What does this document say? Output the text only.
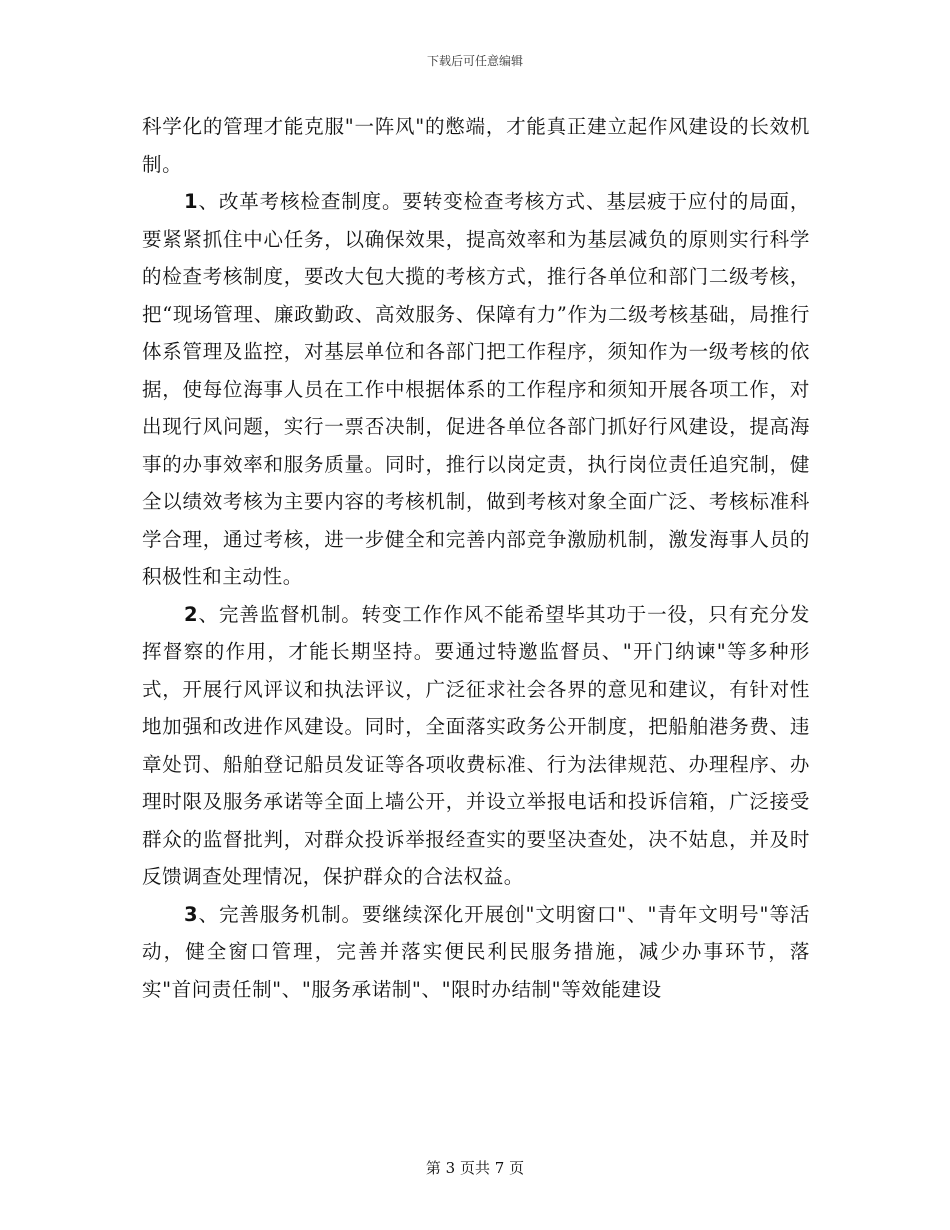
下载后可任意编辑

科学化的管理才能克服"一阵风"的憋端，才能真正建立起作风建设的长效机制。

1、改革考核检查制度。要转变检查考核方式、基层疲于应付的局面，要紧紧抓住中心任务，以确保效果，提高效率和为基层减负的原则实行科学的检查考核制度，要改大包大揽的考核方式，推行各单位和部门二级考核，把“现场管理、廉政勤政、高效服务、保障有力”作为二级考核基础，局推行体系管理及监控，对基层单位和各部门把工作程序，须知作为一级考核的依据，使每位海事人员在工作中根据体系的工作程序和须知开展各项工作，对出现行风问题，实行一票否决制，促进各单位各部门抓好行风建设，提高海事的办事效率和服务质量。同时，推行以岗定责，执行岗位责任追究制，健全以绩效考核为主要内容的考核机制，做到考核对象全面广泛、考核标准科学合理，通过考核，进一步健全和完善内部竞争激励机制，激发海事人员的积极性和主动性。

2、完善监督机制。转变工作作风不能希望毕其功于一役，只有充分发挥督察的作用，才能长期坚持。要通过特邀监督员、"开门纳谏"等多种形式，开展行风评议和执法评议，广泛征求社会各界的意见和建议，有针对性地加强和改进作风建设。同时，全面落实政务公开制度，把船舶港务费、违章处罚、船舶登记船员发证等各项收费标准、行为法律规范、办理程序、办理时限及服务承诺等全面上墙公开，并设立举报电话和投诉信箱，广泛接受群众的监督批判，对群众投诉举报经查实的要坚决查处，决不姑息，并及时反馈调查处理情况，保护群众的合法权益。

3、完善服务机制。要继续深化开展创"文明窗口"、"青年文明号"等活动，健全窗口管理，完善并落实便民利民服务措施，减少办事环节，落实"首问责任制"、"服务承诺制"、"限时办结制"等效能建设

第 3 页共 7 页
